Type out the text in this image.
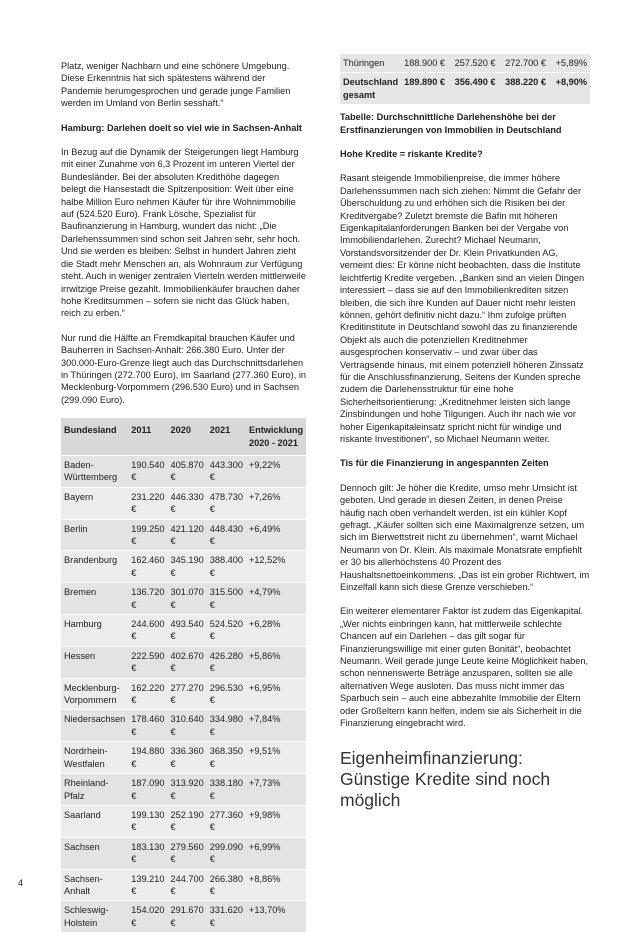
Platz, weniger Nachbarn und eine schönere Umgebung. Diese Erkenntnis hat sich spätestens während der Pandemie herumgesprochen und gerade junge Familien werden im Umland von Berlin sesshaft.“

Hamburg: Darlehen doelt so viel wie in Sachsen-Anhalt

In Bezug auf die Dynamik der Steigerungen liegt Hamburg mit einer Zunahme von 6,3 Prozent im unteren Viertel der Bundesländer. Bei der absoluten Kredithöhe dagegen belegt die Hansestadt die Spitzenposition: Weit über eine halbe Million Euro nehmen Käufer für ihre Wohnimmobilie auf (524.520 Euro). Frank Lösche, Spezialist für Baufinanzierung in Hamburg, wundert das nicht: „Die Darlehenssummen sind schon seit Jahren sehr, sehr hoch. Und sie werden es bleiben: Selbst in hundert Jahren zieht die Stadt mehr Menschen an, als Wohnraum zur Verfügung steht. Auch in weniger zentralen Vierteln werden mittlerweile irrwitzige Preise gezahlt. Immobilienkäufer brauchen daher hohe Kreditsummen – sofern sie nicht das Glück haben, reich zu erben.“

Nur rund die Hälfte an Fremdkapital brauchen Käufer und Bauherren in Sachsen-Anhalt: 266.380 Euro. Unter der 300.000-Euro-Grenze liegt auch das Durchschnittsdarlehen in Thüringen (272.700 Euro), im Saarland (277.360 Euro), in Mecklenburg-Vorpommern (296.530 Euro) und in Sachsen (299.090 Euro).

Bundesland	2011	2020	2021	Entwicklung 2020 - 2021
Baden-Württemberg	190.540 €	405.870 €	443.300 €	+9,22%
Bayern	231.220 €	446.330 €	478.730 €	+7,26%
Berlin	199.250 €	421.120 €	448.430 €	+6,49%
Brandenburg	162.460 €	345.190 €	388.400 €	+12,52%
Bremen	136.720 €	301.070 €	315.500 €	+4,79%
Hamburg	244.600 €	493.540 €	524.520 €	+6,28%
Hessen	222.590 €	402.670 €	426.280 €	+5,86%
Mecklenburg-Vorpommern	162.220 €	277.270 €	296.530 €	+6,95%
Niedersachsen	178.460 €	310.640 €	334.980 €	+7,84%
Nordrhein-Westfalen	194.880 €	336.360 €	368.350 €	+9,51%
Rheinland-Pfalz	187.090 €	313.920 €	338.180 €	+7,73%
Saarland	199.130 €	252.190 €	277.360 €	+9,98%
Sachsen	183.130 €	279.560 €	299.090 €	+6,99%
Sachsen-Anhalt	139.210 €	244.700 €	266.380 €	+8,86%
Schleswig-Holstein	154.020 €	291.670 €	331.620 €	+13,70%
Thüringen	188.900 €	257.520 €	272.700 €	+5,89%
Deutschland gesamt	189.890 €	356.490 €	388.220 €	+8,90%
Tabelle: Durchschnittliche Darlehenshöhe bei der Erstfinanzierungen von Immobilien in Deutschland
Hohe Kredite = riskante Kredite?

Rasant steigende Immobilienpreise, die immer höhere Darlehenssummen nach sich ziehen: Nimmt die Gefahr der Überschuldung zu und erhöhen sich die Risiken bei der Kreditvergabe? Zuletzt bremste die Bafin mit höheren Eigenkapitalanforderungen Banken bei der Vergabe von Immobiliendarlehen. Zurecht? Michael Neumann, Vorstandsvorsitzender der Dr. Klein Privatkunden AG, verneint dies: Er könne nicht beobachten, dass die Institute leichtfertig Kredite vergeben. „Banken sind an vielen Dingen interessiert – dass sie auf den Immobilienkrediten sitzen bleiben, die sich ihre Kunden auf Dauer nicht mehr leisten können, gehört definitiv nicht dazu.“ Ihm zufolge prüften Kreditinstitute in Deutschland sowohl das zu finanzierende Objekt als auch die potenziellen Kreditnehmer ausgesprochen konservativ – und zwar über das Vertragsende hinaus, mit einem potenziell höheren Zinssatz für die Anschlussfinanzierung. Seitens der Kunden spreche zudem die Darlehensstruktur für eine hohe Sicherheitsorientierung: „Kreditnehmer leisten sich lange Zinsbindungen und hohe Tilgungen. Auch ihr nach wie vor hoher Eigenkapitaleinsatz spricht nicht für windige und riskante Investitionen“, so Michael Neumann weiter.

Tis für die Finanzierung in angespannten Zeiten

Dennoch gilt: Je höher die Kredite, umso mehr Umsicht ist geboten. Und gerade in diesen Zeiten, in denen Preise häufig nach oben verhandelt werden, ist ein kühler Kopf gefragt. „Käufer sollten sich eine Maximalgrenze setzen, um sich im Bierwettstreit nicht zu übernehmen“, warnt Michael Neumann von Dr. Klein. Als maximale Monatsrate empfiehlt er 30 bis allerhöchstens 40 Prozent des Haushaltsnettoeinkommens. „Das ist ein grober Richtwert, im Einzelfall kann sich diese Grenze verschieben.“

Ein weiterer elementarer Faktor ist zudem das Eigenkapital. „Wer nichts einbringen kann, hat mittlerweile schlechte Chancen auf ein Darlehen – das gilt sogar für Finanzierungswillige mit einer guten Bonität“, beobachtet Neumann. Weil gerade junge Leute keine Möglichkeit haben, schon nennenswerte Beträge anzusparen, sollten sie alle alternativen Wege ausloten. Das muss nicht immer das Sparbuch sein – auch eine abbezahlte Immobilie der Eltern oder Großeltern kann helfen, indem sie als Sicherheit in die Finanzierung eingebracht wird.

Eigenheimfinanzierung: Günstige Kredite sind noch möglich
4
